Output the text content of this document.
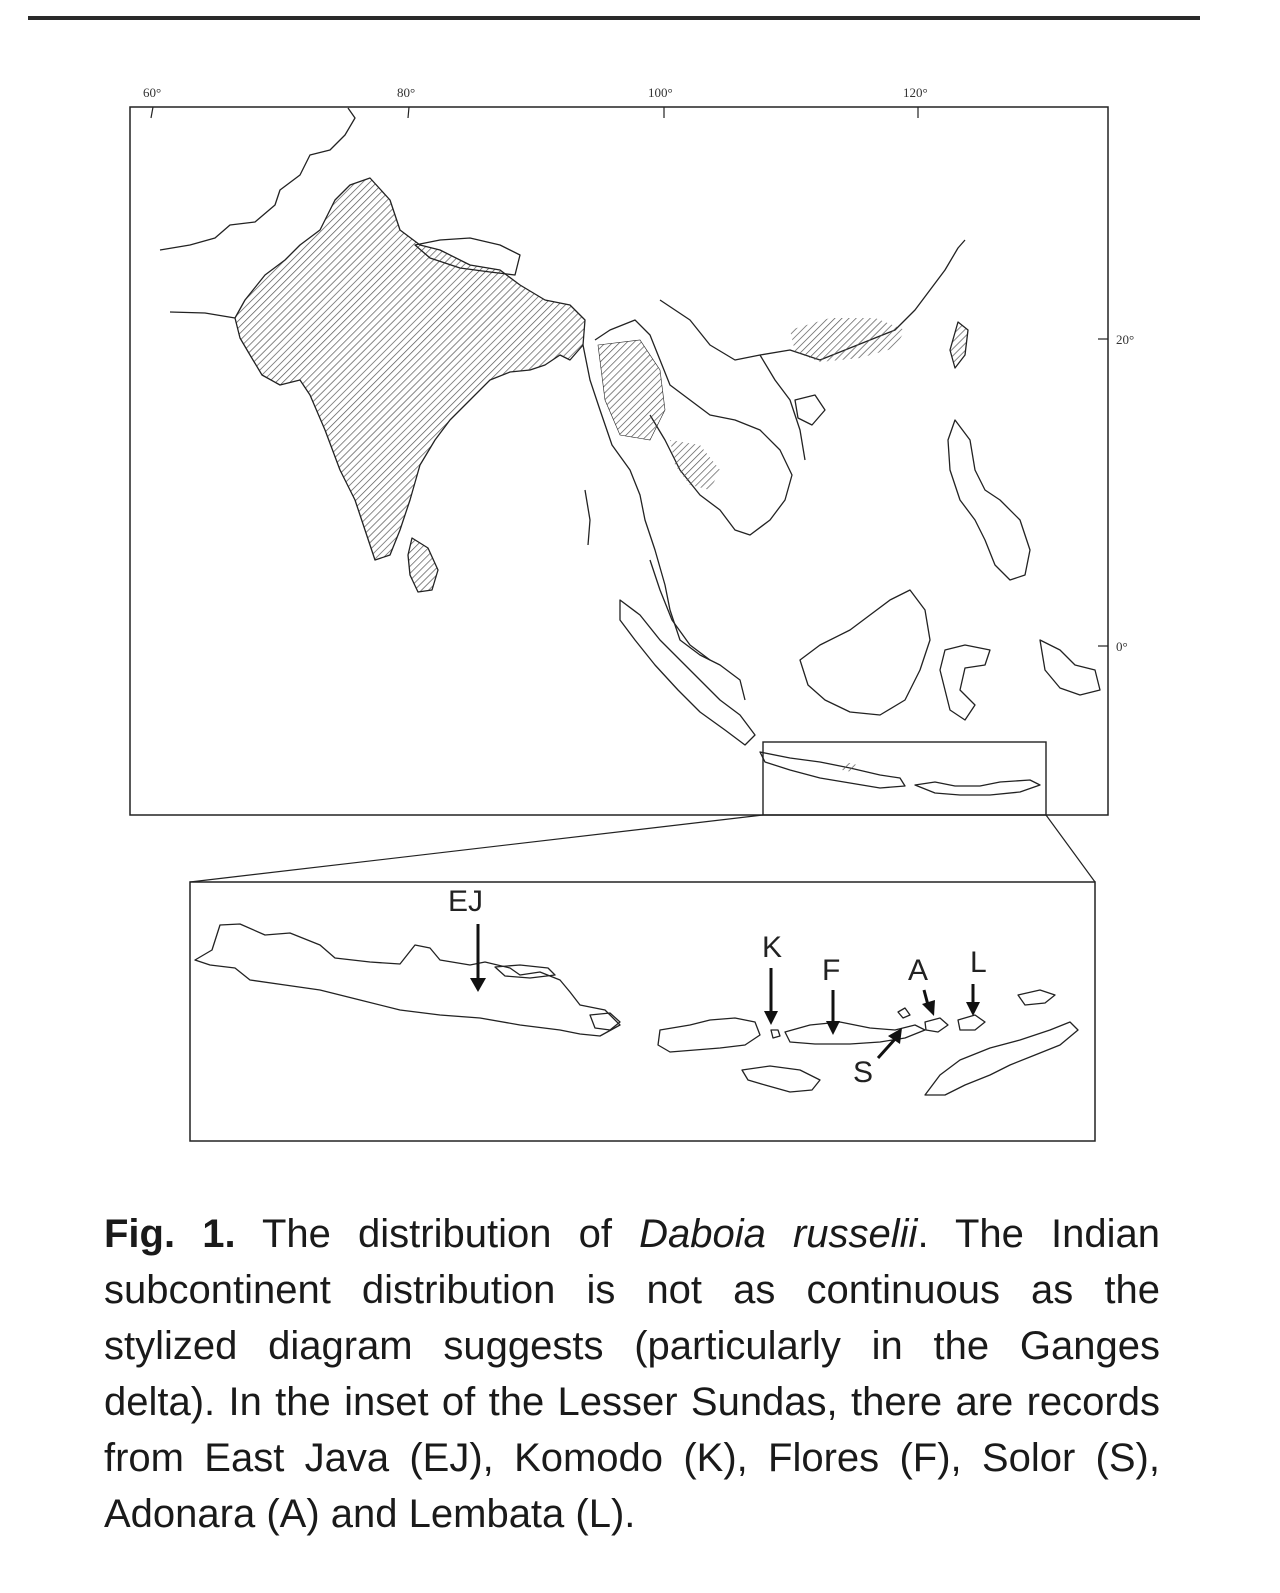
60°	80°	100°	120°
20°
0°
EJ
K
F A L
S
Fig. 1. The distribution of Daboia russelii. The Indian subcontinent distribution is not as continuous as the stylized diagram suggests (particularly in the Ganges delta). In the inset of the Lesser Sundas, there are records from East Java (EJ), Komodo (K), Flores (F), Solor (S), Adonara (A) and Lembata (L).
